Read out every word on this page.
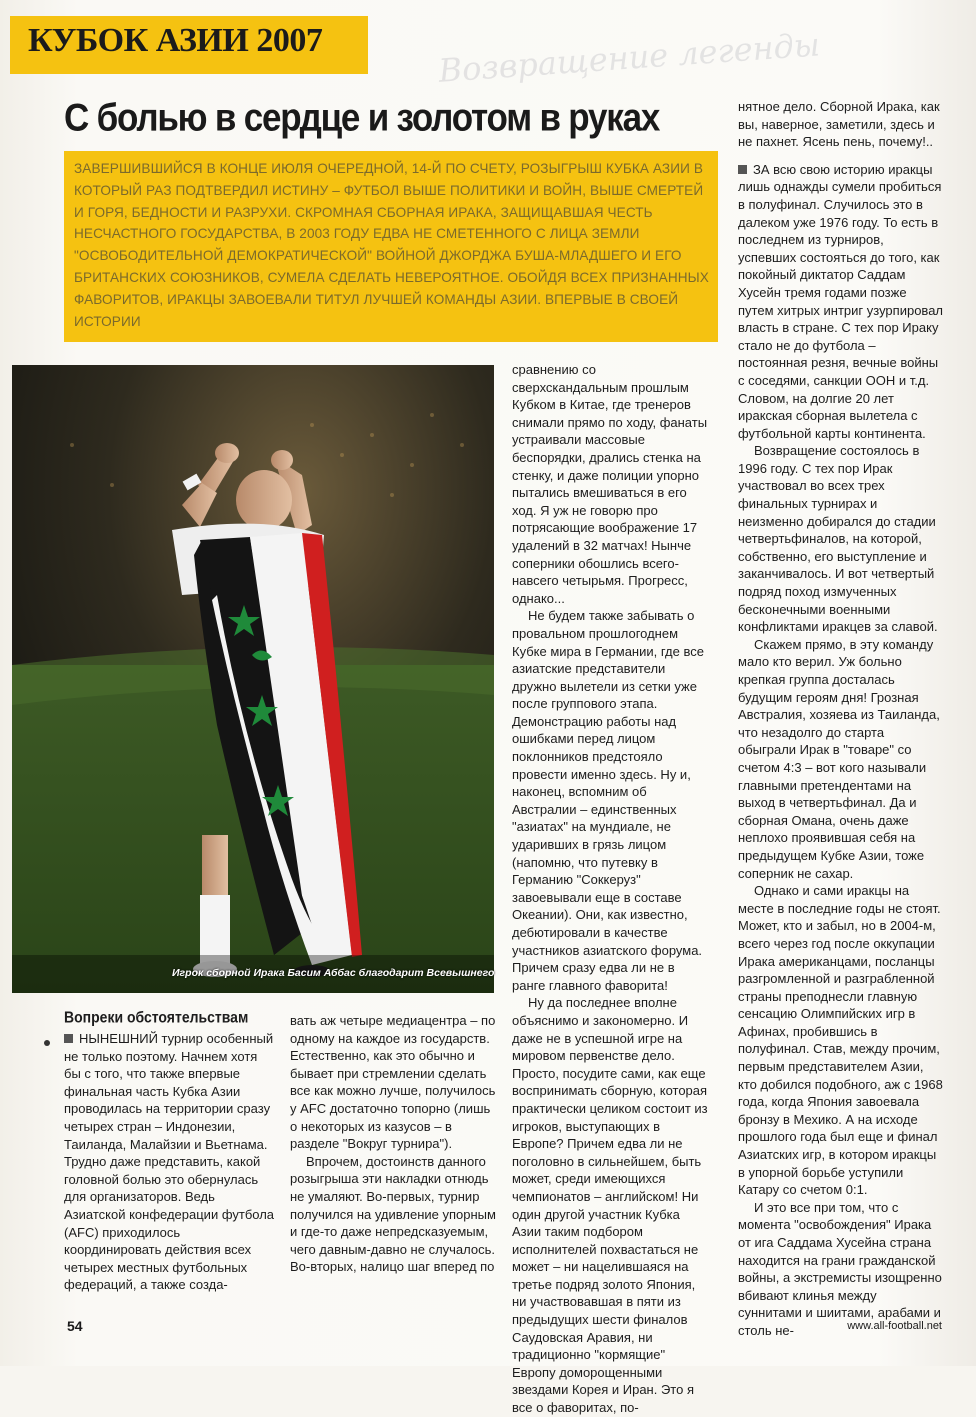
КУБОК АЗИИ 2007
С болью в сердце и золотом в руках
ЗАВЕРШИВШИЙСЯ В КОНЦЕ ИЮЛЯ ОЧЕРЕДНОЙ, 14-Й ПО СЧЕТУ, РОЗЫГРЫШ КУБКА АЗИИ В КОТОРЫЙ РАЗ ПОДТВЕРДИЛ ИСТИНУ – ФУТБОЛ ВЫШЕ ПОЛИТИКИ И ВОЙН, ВЫШЕ СМЕРТЕЙ И ГОРЯ, БЕДНОСТИ И РАЗРУХИ. СКРОМНАЯ СБОРНАЯ ИРАКА, ЗАЩИЩАВШАЯ ЧЕСТЬ НЕСЧАСТНОГО ГОСУДАРСТВА, В 2003 ГОДУ ЕДВА НЕ СМЕТЕННОГО С ЛИЦА ЗЕМЛИ "ОСВОБОДИТЕЛЬНОЙ ДЕМОКРАТИЧЕСКОЙ" ВОЙНОЙ ДЖОРДЖА БУША-МЛАДШЕГО И ЕГО БРИТАНСКИХ СОЮЗНИКОВ, СУМЕЛА СДЕЛАТЬ НЕВЕРОЯТНОЕ. ОБОЙДЯ ВСЕХ ПРИЗНАННЫХ ФАВОРИТОВ, ИРАКЦЫ ЗАВОЕВАЛИ ТИТУЛ ЛУЧШЕЙ КОМАНДЫ АЗИИ. ВПЕРВЫЕ В СВОЕЙ ИСТОРИИ
Игрок сборной Ирака Басим Аббас благодарит Всевышнего

сравнению со сверхскандальным прошлым Кубком в Китае, где тренеров снимали прямо по ходу, фанаты устраивали массовые беспорядки, дрались стенка на стенку, и даже полиции упорно пытались вмешиваться в его ход. Я уж не говорю про потрясающие воображение 17 удалений в 32 матчах! Нынче соперники обошлись всего-навсего четырьмя. Прогресс, однако...

Не будем также забывать о провальном прошлогоднем Кубке мира в Германии, где все азиатские представители дружно вылетели из сетки уже после группового этапа. Демонстрацию работы над ошибками перед лицом поклонников предстояло провести именно здесь. Ну и, наконец, вспомним об Австралии – единственных "азиатах" на мундиале, не ударивших в грязь лицом (напомню, что путевку в Германию "Соккеруз" завоевывали еще в составе Океании). Они, как известно, дебютировали в качестве участников азиатского форума. Причем сразу едва ли не в ранге главного фаворита!

Ну да последнее вполне объяснимо и закономерно. И даже не в успешной игре на мировом первенстве дело. Просто, посудите сами, как еще воспринимать сборную, которая практически целиком состоит из игроков, выступающих в Европе? Причем едва ли не поголовно в сильнейшем, быть может, среди имеющихся чемпионатов – английском! Ни один другой участник Кубка Азии таким подбором исполнителей похвастаться не может – ни нацелившаяся на третье подряд золото Япония, ни участвовавшая в пяти из предыдущих шести финалов Саудовская Аравия, ни традиционно "кормящие" Европу доморощенными звездами Корея и Иран. Это я все о фаворитах, по-

нятное дело. Сборной Ирака, как вы, наверное, заметили, здесь и не пахнет. Ясень пень, почему!..

ЗА всю свою историю иракцы лишь однажды сумели пробиться в полуфинал. Случилось это в далеком уже 1976 году. То есть в последнем из турниров, успевших состояться до того, как покойный диктатор Саддам Хусейн тремя годами позже путем хитрых интриг узурпировал власть в стране. С тех пор Ираку стало не до футбола – постоянная резня, вечные войны с соседями, санкции ООН и т.д. Словом, на долгие 20 лет иракская сборная вылетела с футбольной карты континента.

Возвращение состоялось в 1996 году. С тех пор Ирак участвовал во всех трех финальных турнирах и неизменно добирался до стадии четвертьфиналов, на которой, собственно, его выступление и заканчивалось. И вот четвертый подряд поход измученных бесконечными военными конфликтами иракцев за славой.

Скажем прямо, в эту команду мало кто верил. Уж больно крепкая группа досталась будущим героям дня! Грозная Австралия, хозяева из Таиланда, что незадолго до старта обыграли Ирак в "товаре" со счетом 4:3 – вот кого называли главными претендентами на выход в четвертьфинал. Да и сборная Омана, очень даже неплохо проявившая себя на предыдущем Кубке Азии, тоже соперник не сахар.

Однако и сами иракцы на месте в последние годы не стоят. Может, кто и забыл, но в 2004-м, всего через год после оккупации Ирака американцами, посланцы разгромленной и разграбленной страны преподнесли главную сенсацию Олимпийских игр в Афинах, пробившись в полуфинал. Став, между прочим, первым представителем Азии, кто добился подобного, аж с 1968 года, когда Япония завоевала бронзу в Мехико. А на исходе прошлого года был еще и финал Азиатских игр, в котором иракцы в упорной борьбе уступили Катару со счетом 0:1.

И это все при том, что с момента "освобождения" Ирака от ига Саддама Хусейна страна находится на грани гражданской войны, а экстремисты изощренно вбивают клинья между суннитами и шиитами, арабами и столь не-

Вопреки обстоятельствам

НЫНЕШНИЙ турнир особенный не только поэтому. Начнем хотя бы с того, что также впервые финальная часть Кубка Азии проводилась на территории сразу четырех стран – Индонезии, Таиланда, Малайзии и Вьетнама. Трудно даже представить, какой головной болью это обернулась для организаторов. Ведь Азиатской конфедерации футбола (AFC) приходилось координировать действия всех четырех местных футбольных федераций, а также созда-

вать аж четыре медиацентра – по одному на каждое из государств. Естественно, как это обычно и бывает при стремлении сделать все как можно лучше, получилось у AFC достаточно топорно (лишь о некоторых из казусов – в разделе "Вокруг турнира").

Впрочем, достоинств данного розыгрыша эти накладки отнюдь не умаляют. Во-первых, турнир получился на удивление упорным и где-то даже непредсказуемым, чего давным-давно не случалось. Во-вторых, налицо шаг вперед по

54	www.all-football.net
